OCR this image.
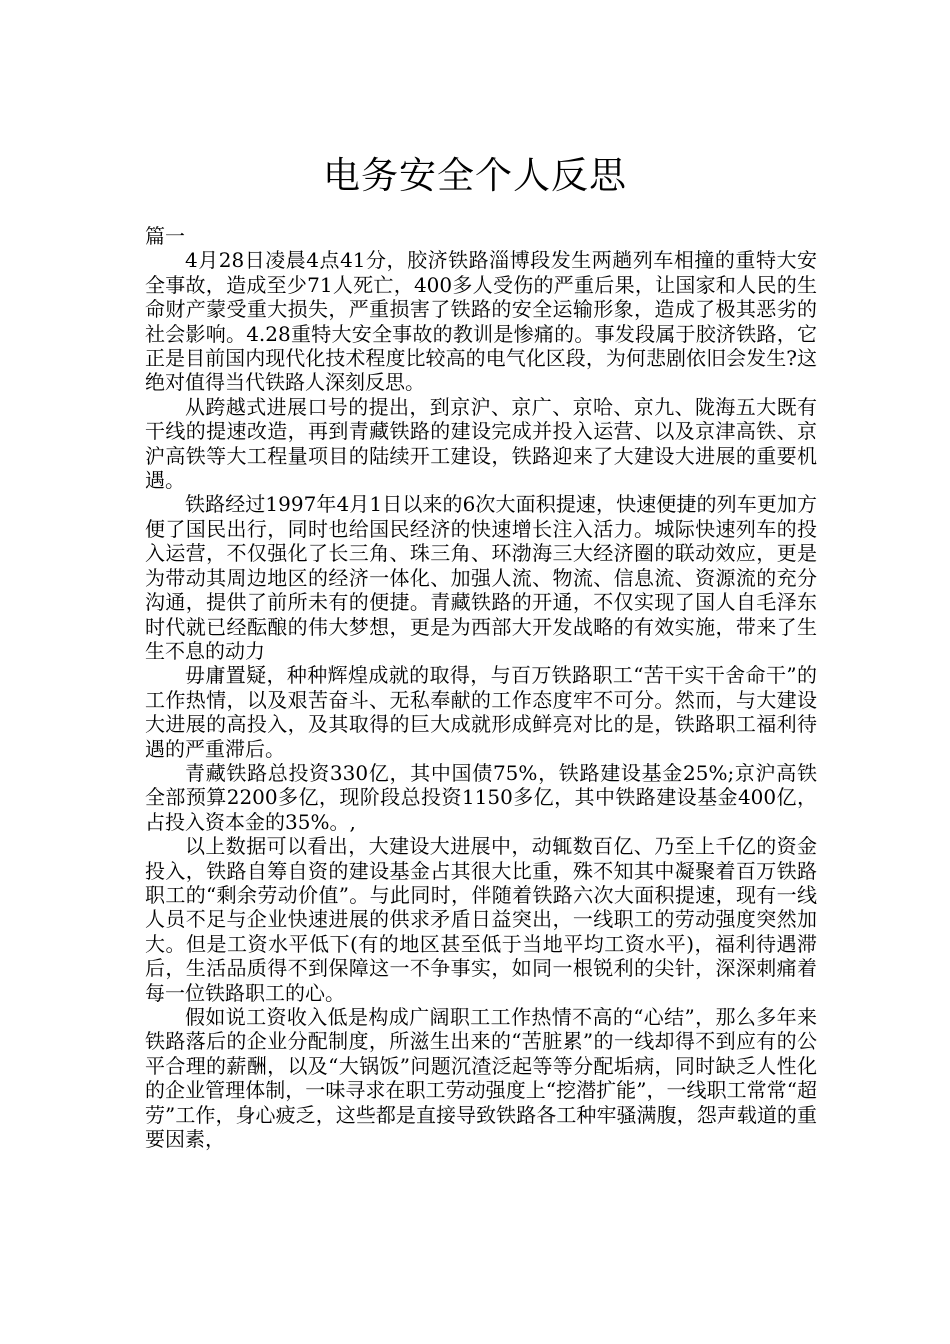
电务安全个人反思

篇一

4月28日凌晨4点41分，胶济铁路淄博段发生两趟列车相撞的重特大安全事故，造成至少71人死亡，400多人受伤的严重后果，让国家和人民的生命财产蒙受重大损失，严重损害了铁路的安全运输形象，造成了极其恶劣的社会影响。4.28重特大安全事故的教训是惨痛的。事发段属于胶济铁路，它正是目前国内现代化技术程度比较高的电气化区段，为何悲剧依旧会发生?这绝对值得当代铁路人深刻反思。

从跨越式进展口号的提出，到京沪、京广、京哈、京九、陇海五大既有干线的提速改造，再到青藏铁路的建设完成并投入运营、以及京津高铁、京沪高铁等大工程量项目的陆续开工建设，铁路迎来了大建设大进展的重要机遇。

铁路经过1997年4月1日以来的6次大面积提速，快速便捷的列车更加方便了国民出行，同时也给国民经济的快速增长注入活力。城际快速列车的投入运营，不仅强化了长三角、珠三角、环渤海三大经济圈的联动效应，更是为带动其周边地区的经济一体化、加强人流、物流、信息流、资源流的充分沟通，提供了前所未有的便捷。青藏铁路的开通，不仅实现了国人自毛泽东时代就已经酝酿的伟大梦想，更是为西部大开发战略的有效实施，带来了生生不息的动力

毋庸置疑，种种辉煌成就的取得，与百万铁路职工“苦干实干舍命干”的工作热情，以及艰苦奋斗、无私奉献的工作态度牢不可分。然而，与大建设大进展的高投入，及其取得的巨大成就形成鲜亮对比的是，铁路职工福利待遇的严重滞后。

青藏铁路总投资330亿，其中国债75%，铁路建设基金25%;京沪高铁全部预算2200多亿，现阶段总投资1150多亿，其中铁路建设基金400亿，占投入资本金的35%。,

以上数据可以看出，大建设大进展中，动辄数百亿、乃至上千亿的资金投入，铁路自筹自资的建设基金占其很大比重，殊不知其中凝聚着百万铁路职工的“剩余劳动价值”。与此同时，伴随着铁路六次大面积提速，现有一线人员不足与企业快速进展的供求矛盾日益突出，一线职工的劳动强度突然加大。但是工资水平低下(有的地区甚至低于当地平均工资水平)，福利待遇滞后，生活品质得不到保障这一不争事实，如同一根锐利的尖针，深深刺痛着每一位铁路职工的心。

假如说工资收入低是构成广阔职工工作热情不高的“心结”，那么多年来铁路落后的企业分配制度，所滋生出来的“苦脏累”的一线却得不到应有的公平合理的薪酬，以及“大锅饭”问题沉渣泛起等等分配垢病，同时缺乏人性化的企业管理体制，一味寻求在职工劳动强度上“挖潜扩能”，一线职工常常“超劳”工作，身心疲乏，这些都是直接导致铁路各工种牢骚满腹，怨声载道的重要因素，
